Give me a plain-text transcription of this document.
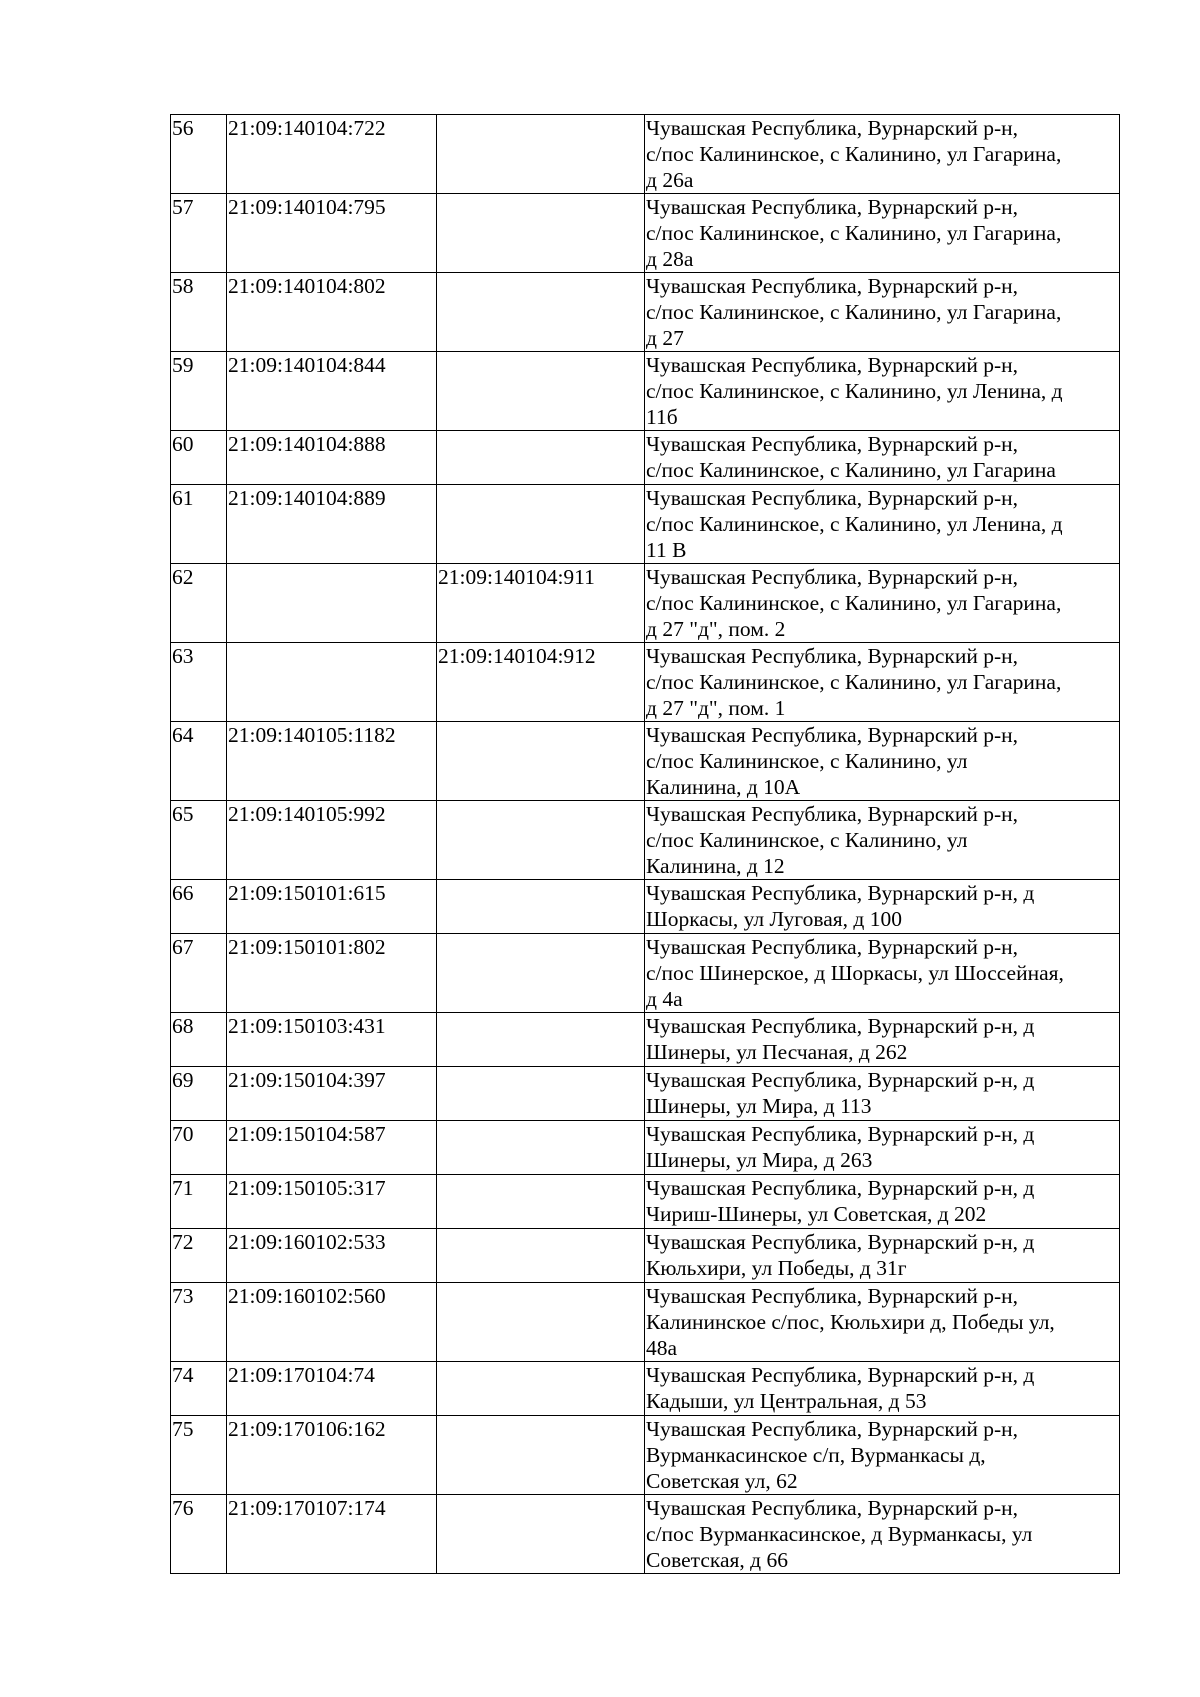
56	21:09:140104:722		Чувашская Республика, Вурнарский р-н,
с/пос Калининское, с Калинино, ул Гагарина,
д 26а

57	21:09:140104:795		Чувашская Республика, Вурнарский р-н,
с/пос Калининское, с Калинино, ул Гагарина,
д 28а

58	21:09:140104:802		Чувашская Республика, Вурнарский р-н,
с/пос Калининское, с Калинино, ул Гагарина,
д 27

59	21:09:140104:844		Чувашская Республика, Вурнарский р-н,
с/пос Калининское, с Калинино, ул Ленина, д
11б

60	21:09:140104:888		Чувашская Республика, Вурнарский р-н,
с/пос Калининское, с Калинино, ул Гагарина

61	21:09:140104:889		Чувашская Республика, Вурнарский р-н,
с/пос Калининское, с Калинино, ул Ленина, д
11 В

62		21:09:140104:911	Чувашская Республика, Вурнарский р-н,
с/пос Калининское, с Калинино, ул Гагарина,
д 27 "д", пом. 2

63		21:09:140104:912	Чувашская Республика, Вурнарский р-н,
с/пос Калининское, с Калинино, ул Гагарина,
д 27 "д", пом. 1

64	21:09:140105:1182		Чувашская Республика, Вурнарский р-н,
с/пос Калининское, с Калинино, ул
Калинина, д 10А

65	21:09:140105:992		Чувашская Республика, Вурнарский р-н,
с/пос Калининское, с Калинино, ул
Калинина, д 12

66	21:09:150101:615		Чувашская Республика, Вурнарский р-н, д
Шоркасы, ул Луговая, д 100

67	21:09:150101:802		Чувашская Республика, Вурнарский р-н,
с/пос Шинерское, д Шоркасы, ул Шоссейная,
д 4а

68	21:09:150103:431		Чувашская Республика, Вурнарский р-н, д
Шинеры, ул Песчаная, д 262

69	21:09:150104:397		Чувашская Республика, Вурнарский р-н, д
Шинеры, ул Мира, д 113

70	21:09:150104:587		Чувашская Республика, Вурнарский р-н, д
Шинеры, ул Мира, д 263

71	21:09:150105:317		Чувашская Республика, Вурнарский р-н, д
Чириш-Шинеры, ул Советская, д 202

72	21:09:160102:533		Чувашская Республика, Вурнарский р-н, д
Кюльхири, ул Победы, д 31г

73	21:09:160102:560		Чувашская Республика, Вурнарский р-н,
Калининское с/пос, Кюльхири д, Победы ул,
48а

74	21:09:170104:74		Чувашская Республика, Вурнарский р-н, д
Кадыши, ул Центральная, д 53

75	21:09:170106:162		Чувашская Республика, Вурнарский р-н,
Вурманкасинское с/п, Вурманкасы д,
Советская ул, 62

76	21:09:170107:174		Чувашская Республика, Вурнарский р-н,
с/пос Вурманкасинское, д Вурманкасы, ул
Советская, д 66
